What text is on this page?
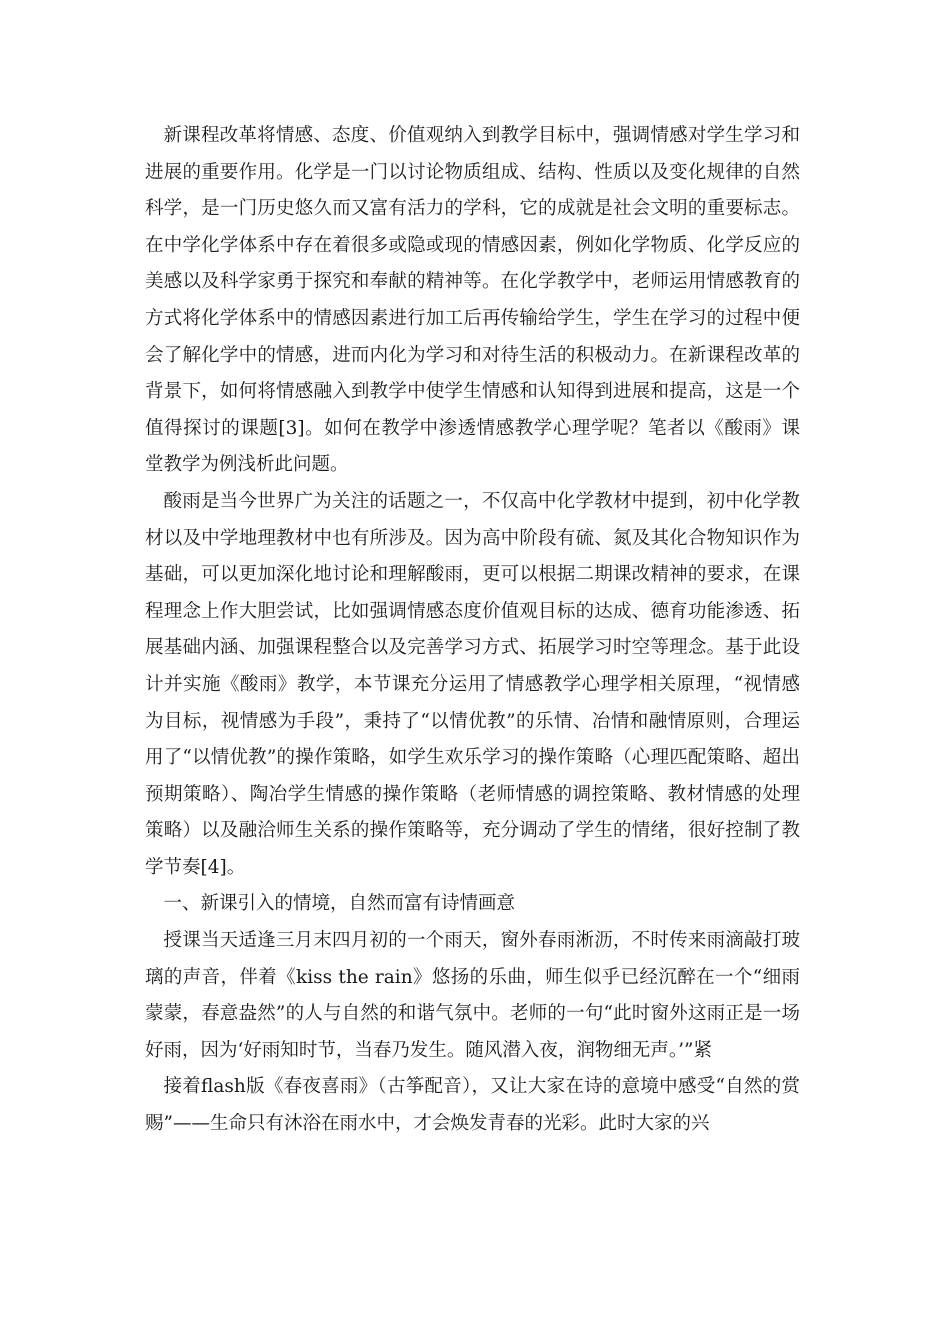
新课程改革将情感、态度、价值观纳入到教学目标中，强调情感对学生学习和进展的重要作用。化学是一门以讨论物质组成、结构、性质以及变化规律的自然科学，是一门历史悠久而又富有活力的学科，它的成就是社会文明的重要标志。在中学化学体系中存在着很多或隐或现的情感因素，例如化学物质、化学反应的美感以及科学家勇于探究和奉献的精神等。在化学教学中，老师运用情感教育的方式将化学体系中的情感因素进行加工后再传输给学生，学生在学习的过程中便会了解化学中的情感，进而内化为学习和对待生活的积极动力。在新课程改革的背景下，如何将情感融入到教学中使学生情感和认知得到进展和提高，这是一个值得探讨的课题[3]。如何在教学中渗透情感教学心理学呢？笔者以《酸雨》课堂教学为例浅析此问题。

酸雨是当今世界广为关注的话题之一，不仅高中化学教材中提到，初中化学教材以及中学地理教材中也有所涉及。因为高中阶段有硫、氮及其化合物知识作为基础，可以更加深化地讨论和理解酸雨，更可以根据二期课改精神的要求，在课程理念上作大胆尝试，比如强调情感态度价值观目标的达成、德育功能渗透、拓展基础内涵、加强课程整合以及完善学习方式、拓展学习时空等理念。基于此设计并实施《酸雨》教学，本节课充分运用了情感教学心理学相关原理，“视情感为目标，视情感为手段”，秉持了“以情优教”的乐情、冶情和融情原则，合理运用了“以情优教”的操作策略，如学生欢乐学习的操作策略（心理匹配策略、超出预期策略）、陶冶学生情感的操作策略（老师情感的调控策略、教材情感的处理策略）以及融洽师生关系的操作策略等，充分调动了学生的情绪，很好控制了教学节奏[4]。

一、新课引入的情境，自然而富有诗情画意

授课当天适逢三月末四月初的一个雨天，窗外春雨淅沥，不时传来雨滴敲打玻璃的声音，伴着《kiss the rain》悠扬的乐曲，师生似乎已经沉醉在一个“细雨蒙蒙，春意盎然”的人与自然的和谐气氛中。老师的一句“此时窗外这雨正是一场好雨，因为‘好雨知时节，当春乃发生。随风潜入夜，润物细无声。’”紧

接着flash版《春夜喜雨》（古筝配音），又让大家在诗的意境中感受“自然的赏赐”——生命只有沐浴在雨水中，才会焕发青春的光彩。此时大家的兴
